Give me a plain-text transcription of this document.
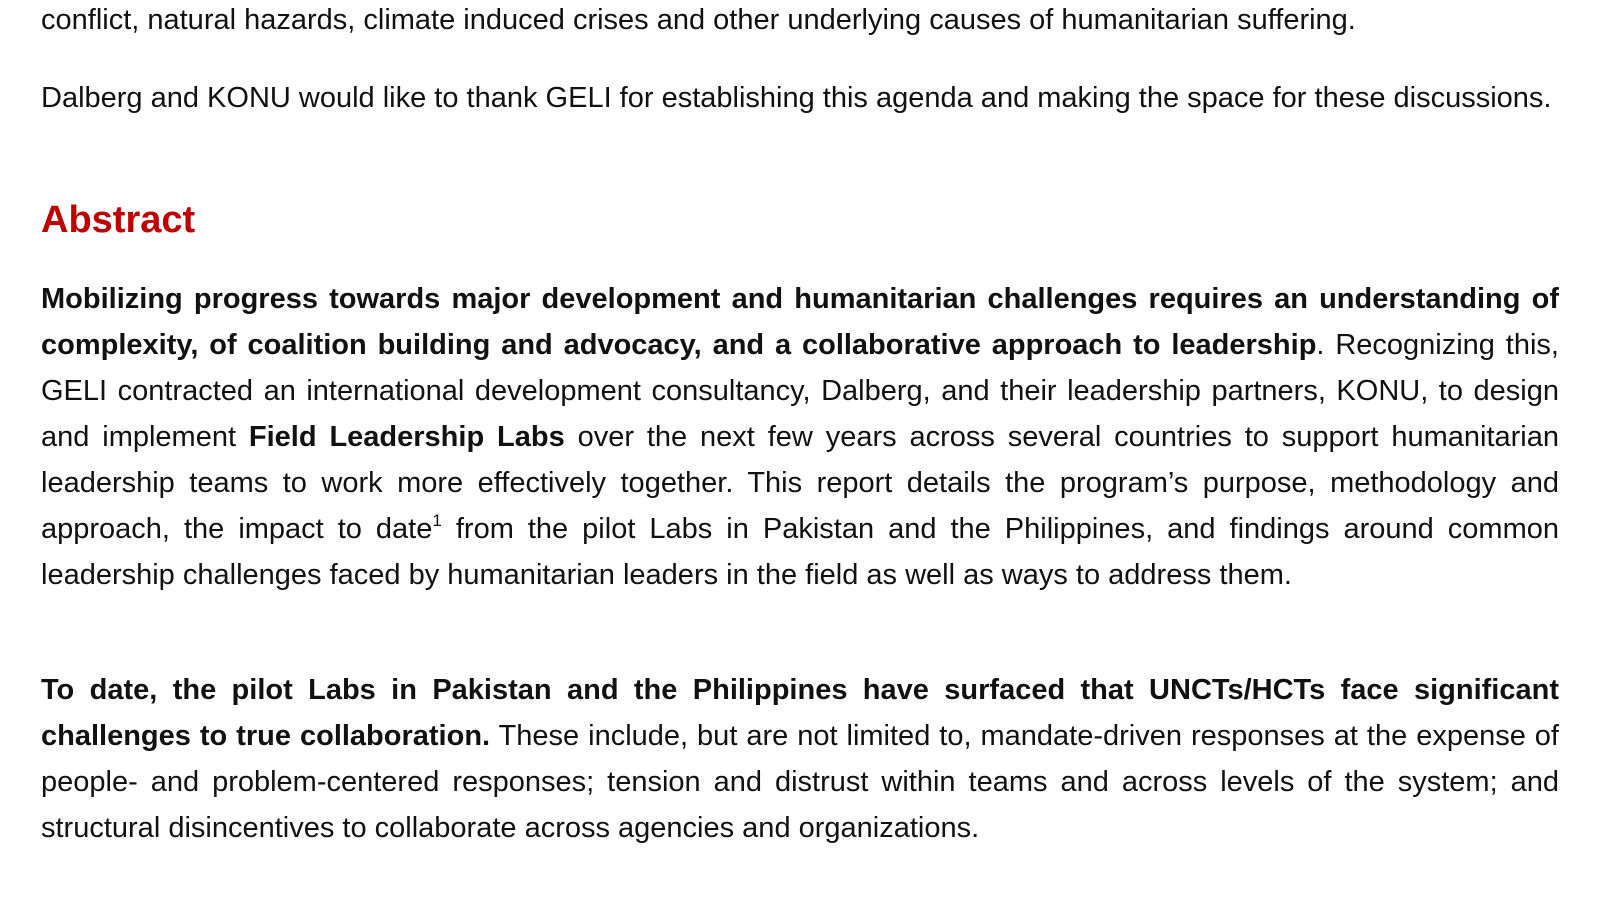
conflict, natural hazards, climate induced crises and other underlying causes of humanitarian suffering.

Dalberg and KONU would like to thank GELI for establishing this agenda and making the space for these discussions.

Abstract

Mobilizing progress towards major development and humanitarian challenges requires an understanding of complexity, of coalition building and advocacy, and a collaborative approach to leadership. Recognizing this, GELI contracted an international development consultancy, Dalberg, and their leadership partners, KONU, to design and implement Field Leadership Labs over the next few years across several countries to support humanitarian leadership teams to work more effectively together. This report details the program’s purpose, methodology and approach, the impact to date$^1$ from the pilot Labs in Pakistan and the Philippines, and findings around common leadership challenges faced by humanitarian leaders in the field as well as ways to address them.

To date, the pilot Labs in Pakistan and the Philippines have surfaced that UNCTs/HCTs face significant challenges to true collaboration. These include, but are not limited to, mandate-driven responses at the expense of people- and problem-centered responses; tension and distrust within teams and across levels of the system; and structural disincentives to collaborate across agencies and organizations.
